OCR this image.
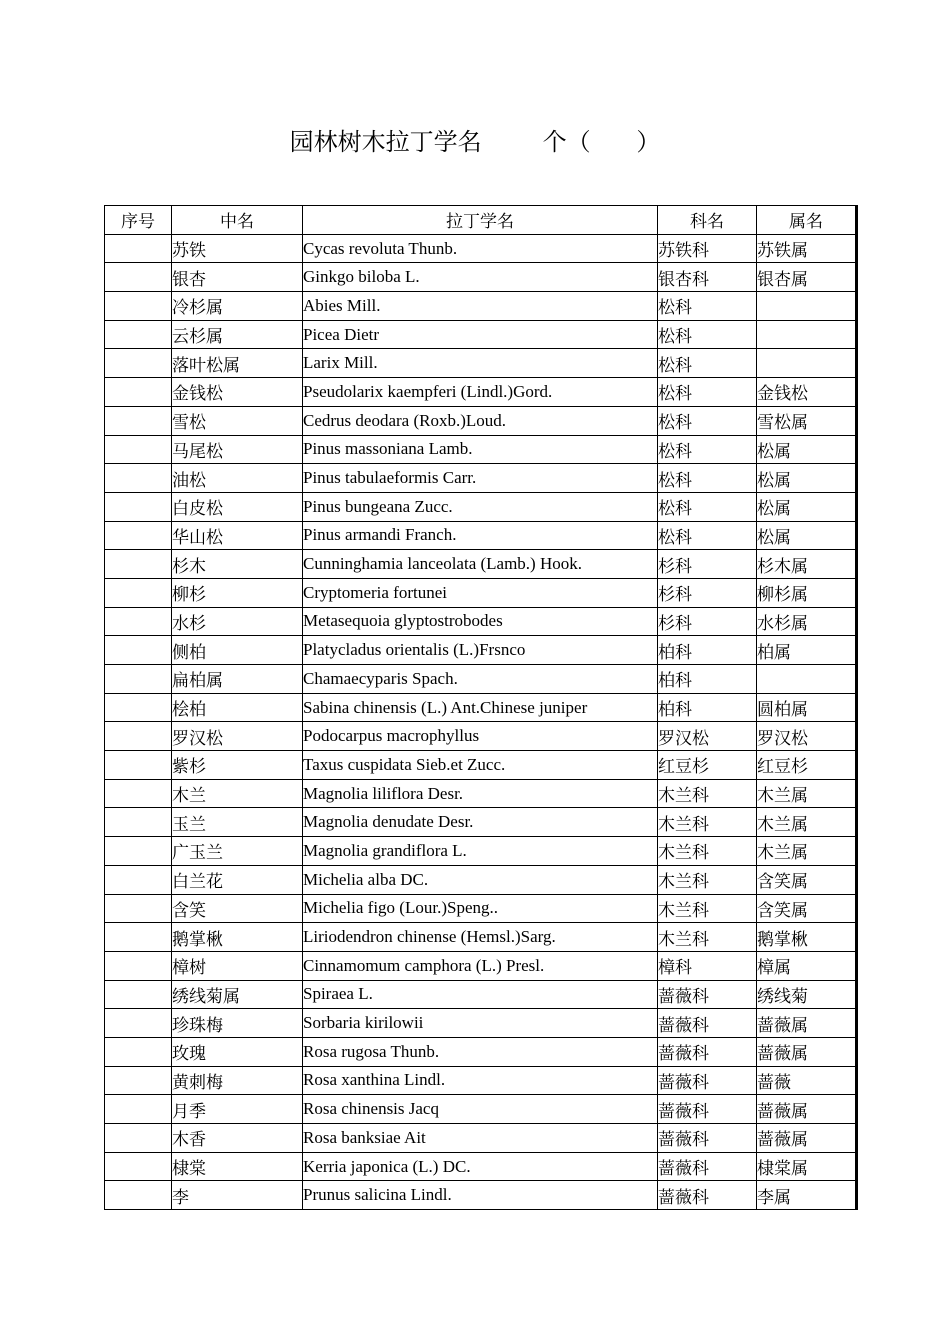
园林树木拉丁学名        个（      ）
序号	中名	拉丁学名	科名	属名
	苏铁	Cycas revoluta Thunb.	苏铁科	苏铁属
	银杏	Ginkgo biloba L.	银杏科	银杏属
	冷杉属	Abies Mill.	松科	
	云杉属	Picea Dietr	松科	
	落叶松属	Larix Mill.	松科	
	金钱松	Pseudolarix kaempferi (Lindl.)Gord.	松科	金钱松
	雪松	Cedrus deodara (Roxb.)Loud.	松科	雪松属
	马尾松	Pinus massoniana Lamb.	松科	松属
	油松	Pinus tabulaeformis Carr.	松科	松属
	白皮松	Pinus bungeana Zucc.	松科	松属
	华山松	Pinus armandi Franch.	松科	松属
	杉木	Cunninghamia lanceolata (Lamb.) Hook.	杉科	杉木属
	柳杉	Cryptomeria fortunei	杉科	柳杉属
	水杉	Metasequoia glyptostrobodes	杉科	水杉属
	侧柏	Platycladus orientalis (L.)Frsnco	柏科	柏属
	扁柏属	Chamaecyparis Spach.	柏科	
	桧柏	Sabina chinensis (L.) Ant.Chinese juniper	柏科	圆柏属
	罗汉松	Podocarpus macrophyllus	罗汉松	罗汉松
	紫杉	Taxus cuspidata Sieb.et Zucc.	红豆杉	红豆杉
	木兰	Magnolia liliflora Desr.	木兰科	木兰属
	玉兰	Magnolia denudate Desr.	木兰科	木兰属
	广玉兰	Magnolia grandiflora L.	木兰科	木兰属
	白兰花	Michelia alba DC.	木兰科	含笑属
	含笑	Michelia figo (Lour.)Speng..	木兰科	含笑属
	鹅掌楸	Liriodendron chinense (Hemsl.)Sarg.	木兰科	鹅掌楸
	樟树	Cinnamomum camphora (L.) Presl.	樟科	樟属
	绣线菊属	Spiraea L.	蔷薇科	绣线菊
	珍珠梅	Sorbaria kirilowii	蔷薇科	蔷薇属
	玫瑰	Rosa rugosa Thunb.	蔷薇科	蔷薇属
	黄刺梅	Rosa xanthina Lindl.	蔷薇科	蔷薇
	月季	Rosa chinensis Jacq	蔷薇科	蔷薇属
	木香	Rosa banksiae Ait	蔷薇科	蔷薇属
	棣棠	Kerria japonica (L.) DC.	蔷薇科	棣棠属
	李	Prunus salicina Lindl.	蔷薇科	李属
